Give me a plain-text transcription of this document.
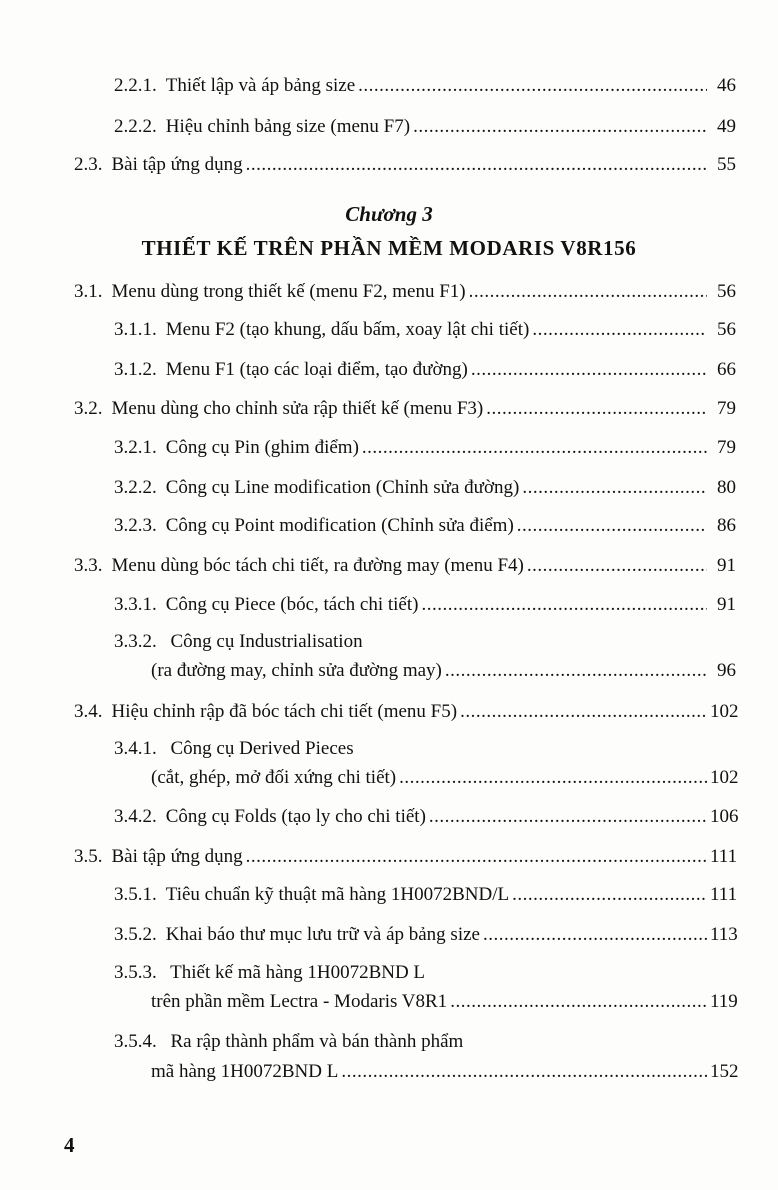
2.2.1. Thiết lập và áp bảng size .....	46
2.2.2. Hiệu chỉnh bảng size (menu F7) .....	49
2.3. Bài tập ứng dụng .....	55
Chương 3
THIẾT KẾ TRÊN PHẦN MỀM MODARIS V8R156
3.1. Menu dùng trong thiết kế (menu F2, menu F1) .....	56
3.1.1. Menu F2 (tạo khung, dấu bấm, xoay lật chi tiết) .....	56
3.1.2. Menu F1 (tạo các loại điểm, tạo đường) .....	66
3.2. Menu dùng cho chỉnh sửa rập thiết kế (menu F3) .....	79
3.2.1. Công cụ Pin (ghim điểm) .....	79
3.2.2. Công cụ Line modification (Chỉnh sửa đường) .....	80
3.2.3. Công cụ Point modification (Chỉnh sửa điểm) .....	86
3.3. Menu dùng bóc tách chi tiết, ra đường may (menu F4) .....	91
3.3.1. Công cụ Piece (bóc, tách chi tiết) .....	91
3.3.2. Công cụ Industrialisation
(ra đường may, chỉnh sửa đường may) .....	96
3.4. Hiệu chỉnh rập đã bóc tách chi tiết (menu F5) .....	102
3.4.1. Công cụ Derived Pieces
(cắt, ghép, mở đối xứng chi tiết) .....	102
3.4.2. Công cụ Folds (tạo ly cho chi tiết) .....	106
3.5. Bài tập ứng dụng .....	111
3.5.1. Tiêu chuẩn kỹ thuật mã hàng 1H0072BND/L .....	111
3.5.2. Khai báo thư mục lưu trữ và áp bảng size .....	113
3.5.3. Thiết kế mã hàng 1H0072BND L
trên phần mềm Lectra - Modaris V8R1 .....	119
3.5.4. Ra rập thành phẩm và bán thành phẩm
mã hàng 1H0072BND L .....	152
4
